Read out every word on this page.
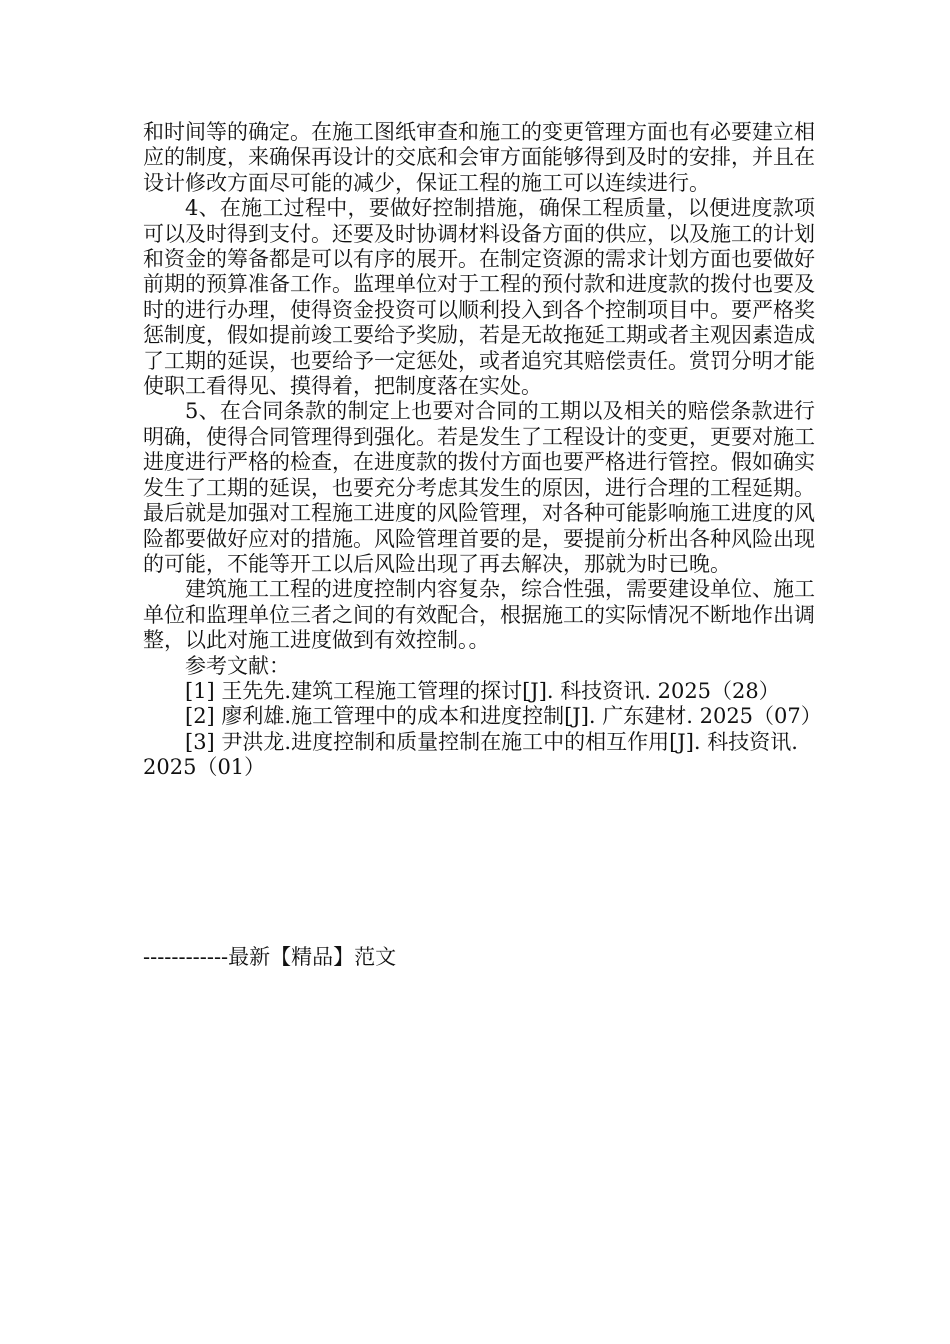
和时间等的确定。在施工图纸审查和施工的变更管理方面也有必要建立相应的制度，来确保再设计的交底和会审方面能够得到及时的安排，并且在设计修改方面尽可能的减少，保证工程的施工可以连续进行。

4、在施工过程中，要做好控制措施，确保工程质量，以便进度款项可以及时得到支付。还要及时协调材料设备方面的供应，以及施工的计划和资金的筹备都是可以有序的展开。在制定资源的需求计划方面也要做好前期的预算准备工作。监理单位对于工程的预付款和进度款的拨付也要及时的进行办理，使得资金投资可以顺利投入到各个控制项目中。要严格奖惩制度，假如提前竣工要给予奖励，若是无故拖延工期或者主观因素造成了工期的延误，也要给予一定惩处，或者追究其赔偿责任。赏罚分明才能使职工看得见、摸得着，把制度落在实处。

5、在合同条款的制定上也要对合同的工期以及相关的赔偿条款进行明确，使得合同管理得到强化。若是发生了工程设计的变更，更要对施工进度进行严格的检查，在进度款的拨付方面也要严格进行管控。假如确实发生了工期的延误，也要充分考虑其发生的原因，进行合理的工程延期。最后就是加强对工程施工进度的风险管理，对各种可能影响施工进度的风险都要做好应对的措施。风险管理首要的是，要提前分析出各种风险出现的可能，不能等开工以后风险出现了再去解决，那就为时已晚。

建筑施工工程的进度控制内容复杂，综合性强，需要建设单位、施工单位和监理单位三者之间的有效配合，根据施工的实际情况不断地作出调整，以此对施工进度做到有效控制。。

参考文献：

[1] 王先先.建筑工程施工管理的探讨[J]. 科技资讯. 2025（28）

[2] 廖利雄.施工管理中的成本和进度控制[J]. 广东建材. 2025（07）

[3] 尹洪龙.进度控制和质量控制在施工中的相互作用[J]. 科技资讯. 2025（01）

------------最新【精品】范文
